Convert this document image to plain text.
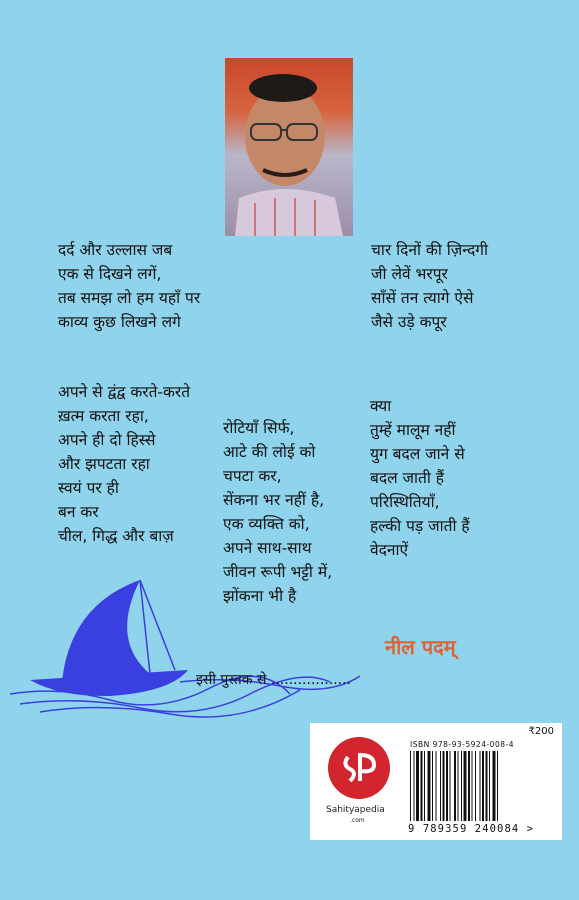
दर्द और उल्लास जब
एक से दिखने लगें,
तब समझ लो हम यहाँ पर
काव्य कुछ लिखने लगे
चार दिनों की ज़िन्दगी
जी लेवें भरपूर
साँसें तन त्यागे ऐसे
जैसे उड़े कपूर
अपने से द्वंद्व करते-करते
ख़त्म करता रहा,
अपने ही दो हिस्से
और झपटता रहा
स्वयं पर ही
बन कर
चील, गिद्ध और बाज़
रोटियाँ सिर्फ,
आटे की लोई को
चपटा कर,
सेंकना भर नहीं है,
एक व्यक्ति को,
अपने साथ-साथ
जीवन रूपी भट्टी में,
झोंकना भी है
क्या
तुम्हें मालूम नहीं
युग बदल जाने से
बदल जाती हैं
परिस्थितियाँ,
हल्की पड़ जाती हैं
वेदनाऐं
नील पदम्
इसी पुस्तक से ..................
Sahityapedia
.com
₹200
ISBN 978-93-5924-008-4
9 789359 240084 >
